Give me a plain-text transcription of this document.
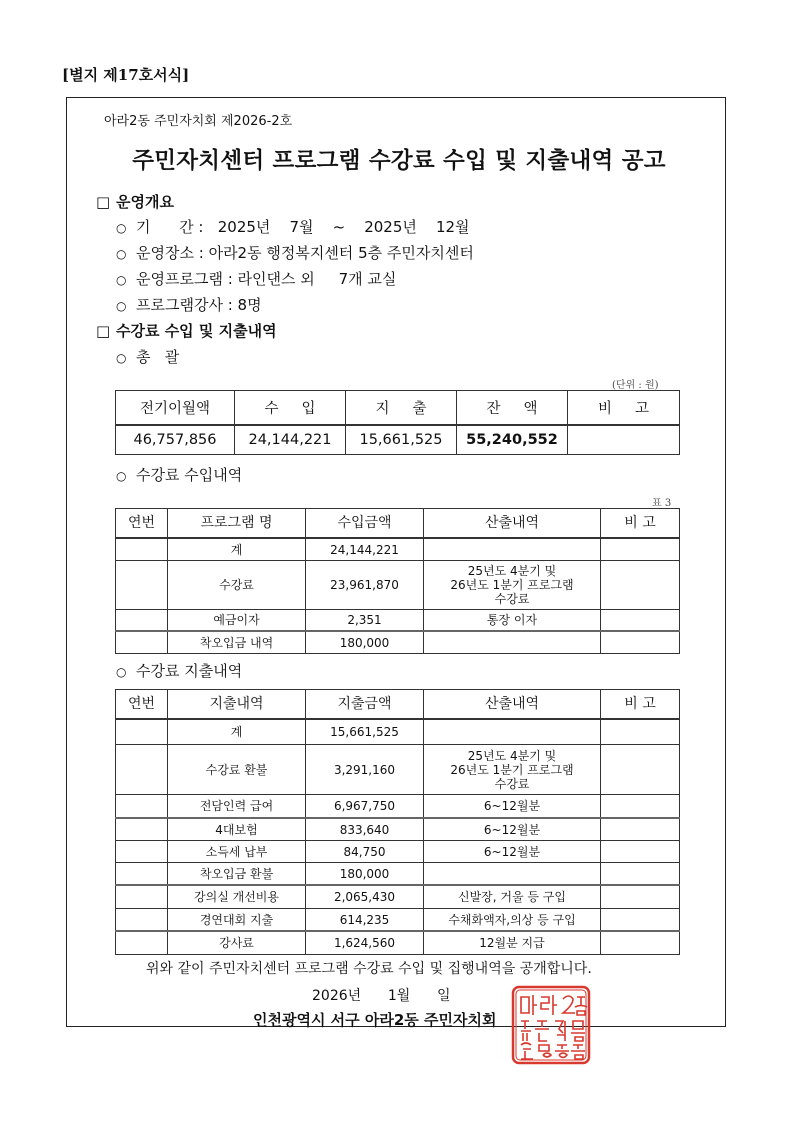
[별지 제17호서식]
아라2동 주민자치회 제2026-2호
주민자치센터 프로그램 수강료 수입 및 지출내역 공고
□ 운영개요
○ 기      간 : 2025년    7월    ~    2025년    12월
○ 운영장소 : 아라2동 행정복지센터 5층 주민자치센터
○ 운영프로그램 : 라인댄스 외     7개 교실
○ 프로그램강사 : 8명
□ 수강료 수입 및 지출내역
○ 총   괄
(단위 : 원)
전기이월액	수     입	지     출	잔     액	비     고
46,757,856	24,144,221	15,661,525	55,240,552	
○ 수강료 수입내역
표 3
연번	프로그램 명	수입금액	산출내역	비 고
	계	24,144,221		
	수강료	23,961,870	25년도 4분기 및
26년도 1분기 프로그램
수강료	
	예금이자	2,351	통장 이자	
	착오입금 내역	180,000		
○ 수강료 지출내역
연번	지출내역	지출금액	산출내역	비 고
	계	15,661,525		
	수강료 환불	3,291,160	25년도 4분기 및
26년도 1분기 프로그램
수강료	
	전담인력 급여	6,967,750	6~12월분	
	4대보험	833,640	6~12월분	
	소득세 납부	84,750	6~12월분	
	착오입금 환불	180,000		
	강의실 개선비용	2,065,430	신발장, 거울 등 구입	
	경연대회 지출	614,235	수채화액자,의상 등 구입	
	강사료	1,624,560	12월분 지급	
위와 같이 주민자치센터 프로그램 수강료 수입 및 집행내역을 공개합니다.
2026년      1월      일
인천광역시 서구 아라2동 주민자치회
